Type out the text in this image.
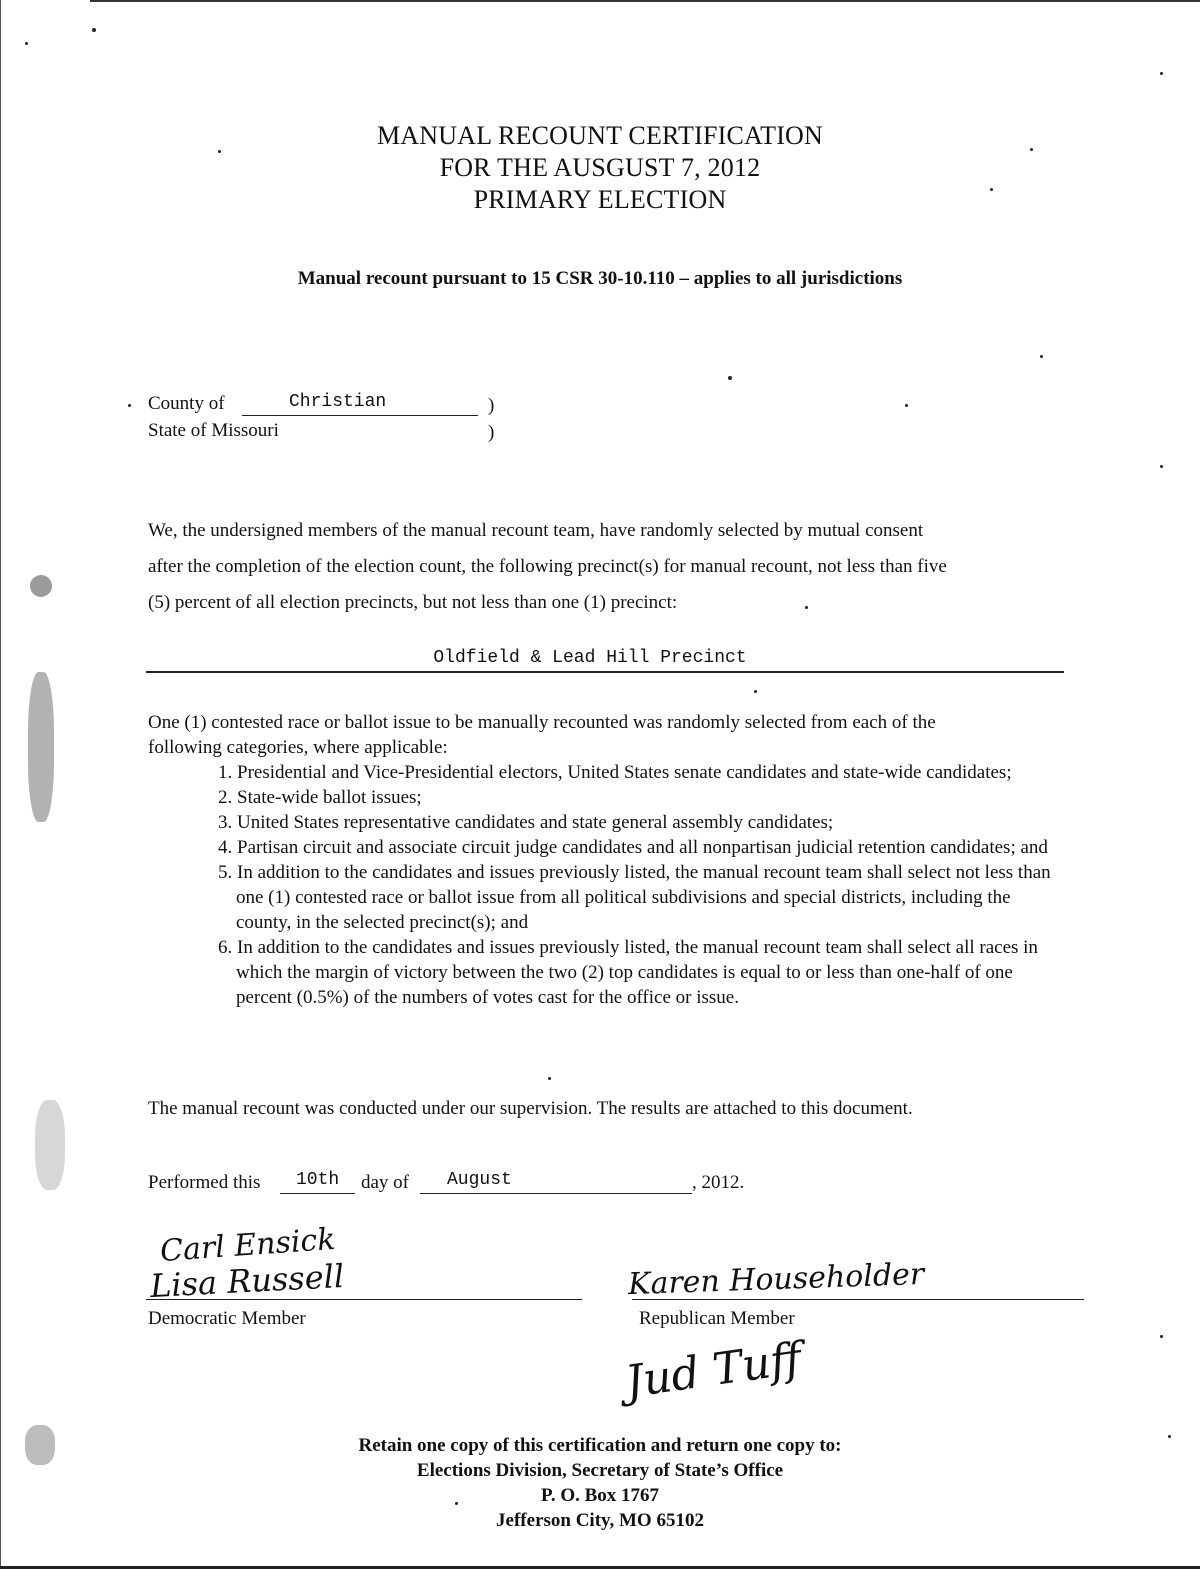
MANUAL RECOUNT CERTIFICATION
FOR THE AUSGUST 7, 2012
PRIMARY ELECTION
Manual recount pursuant to 15 CSR 30-10.110 – applies to all jurisdictions
County of	Christian	)
State of Missouri	)
We, the undersigned members of the manual recount team, have randomly selected by mutual consent
after the completion of the election count, the following precinct(s) for manual recount, not less than five
(5) percent of all election precincts, but not less than one (1) precinct:
Oldfield & Lead Hill Precinct
One (1) contested race or ballot issue to be manually recounted was randomly selected from each of the
following categories, where applicable:
1. Presidential and Vice-Presidential electors, United States senate candidates and state-wide candidates;
2. State-wide ballot issues;
3. United States representative candidates and state general assembly candidates;
4. Partisan circuit and associate circuit judge candidates and all nonpartisan judicial retention candidates; and
5. In addition to the candidates and issues previously listed, the manual recount team shall select not less than one (1) contested race or ballot issue from all political subdivisions and special districts, including the county, in the selected precinct(s); and
6. In addition to the candidates and issues previously listed, the manual recount team shall select all races in which the margin of victory between the two (2) top candidates is equal to or less than one-half of one percent (0.5%) of the numbers of votes cast for the office or issue.
The manual recount was conducted under our supervision. The results are attached to this document.
Performed this 10th day of August	, 2012.
Carl Ensick
Lisa Russell
Democratic Member
Karen Householder
Republican Member
Jud Tuff
Retain one copy of this certification and return one copy to:
Elections Division, Secretary of State’s Office
P. O. Box 1767
Jefferson City, MO 65102
